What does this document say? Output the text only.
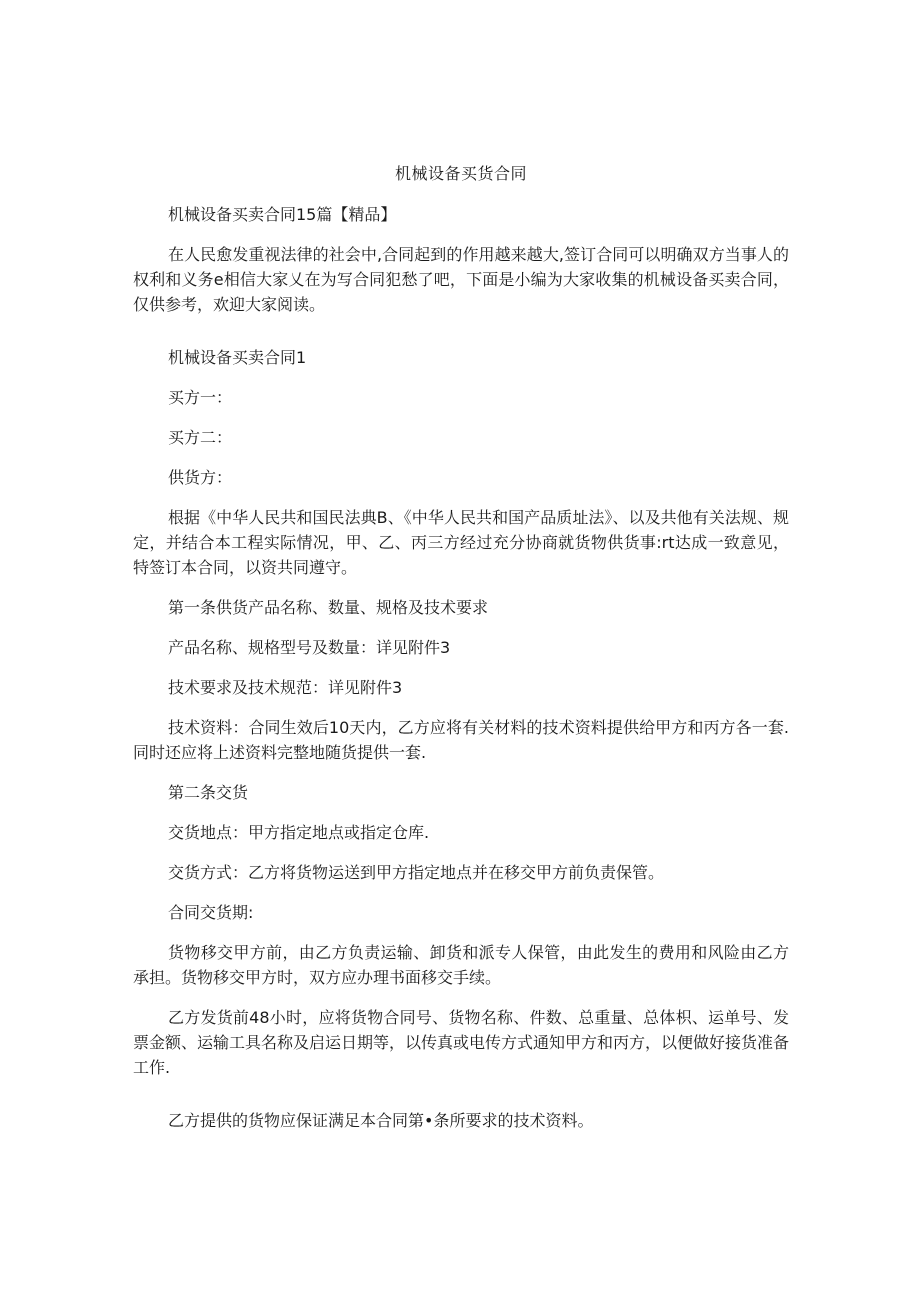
机械设备买货合同

机械设备买卖合同15篇【精品】

在人民愈发重视法律的社会中,合同起到的作用越来越大,签订合同可以明确双方当事人的权利和义务e相信大家乂在为写合同犯愁了吧，下面是小编为大家收集的机械设备买卖合同，仅供参考，欢迎大家阅读。

机械设备买卖合同1

买方一：

买方二：

供货方：

根据《中华人民共和国民法典B、《中华人民共和国产品质址法》、以及共他有关法规、规定，并结合本工程实际情况，甲、乙、丙三方经过充分协商就货物供货事:rt达成一致意见，特签订本合同，以资共同遵守。

第一条供货产品名称、数量、规格及技术要求

产品名称、规格型号及数量：详见附件3

技术要求及技术规范：详见附件3

技术资料：合同生效后10天内，乙方应将有关材料的技术资料提供给甲方和丙方各一套.同时还应将上述资料完整地随货提供一套.

第二条交货

交货地点：甲方指定地点或指定仓库.

交货方式：乙方将货物运送到甲方指定地点并在移交甲方前负责保管。

合同交货期:

货物移交甲方前，由乙方负责运输、卸货和派专人保管，由此发生的费用和风险由乙方承担。货物移交甲方时，双方应办理书面移交手续。

乙方发货前48小时，应将货物合同号、货物名称、件数、总重量、总体枳、运单号、发票金额、运输工具名称及启运日期等，以传真或电传方式通知甲方和丙方，以便做好接货准备工作.

乙方提供的货物应保证满足本合同第•条所要求的技术资料。
